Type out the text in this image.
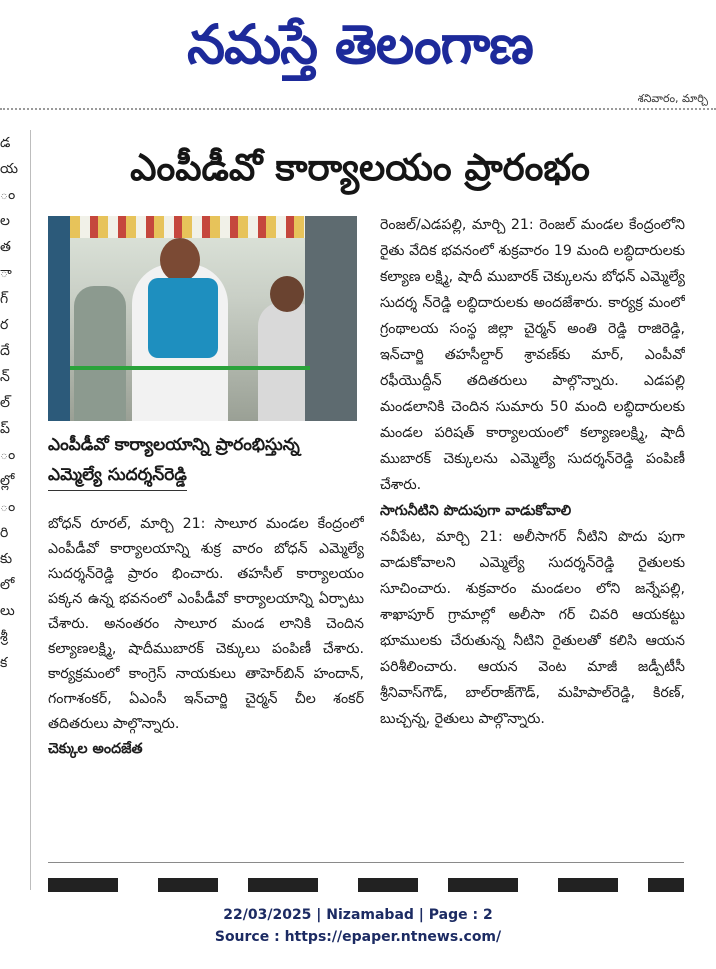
నమస్తే తెలంగాణ
శనివారం, మార్చి
డ
య
ం
ల
త
ా
గ్
ర
దే
న్
ల్
ప్
ం
ల్లో
ం
రి
కు
లో
లు
శ్రీ
క
ఎంపీడీవో కార్యాలయం ప్రారంభం
ఎంపీడీవో కార్యాలయాన్ని ప్రారంభిస్తున్న
ఎమ్మెల్యే సుదర్శన్‌రెడ్డి
బోధన్ రూరల్, మార్చి 21: సాలూర మండల కేంద్రంలో ఎంపీడీవో కార్యాలయాన్ని శుక్ర వారం బోధన్ ఎమ్మెల్యే సుదర్శన్‌రెడ్డి ప్రారం భించారు. తహసీల్ కార్యాలయం పక్కన ఉన్న భవనంలో ఎంపీడీవో కార్యాలయాన్ని ఏర్పాటు చేశారు. అనంతరం సాలూర మండ లానికి చెందిన కల్యాణలక్ష్మి, షాదీముబారక్ చెక్కులు పంపిణీ చేశారు. కార్యక్రమంలో కాంగ్రెస్ నాయకులు తాహెర్‌బిన్ హందాన్, గంగాశంకర్, ఏఎంసీ ఇన్‌చార్జి చైర్మన్ చీల శంకర్ తదితరులు పాల్గొన్నారు.
చెక్కుల అందజేత
రెంజల్/ఎడపల్లి, మార్చి 21: రెంజల్ మండల కేంద్రంలోని రైతు వేదిక భవనంలో శుక్రవారం 19 మంది లబ్ధిదారులకు కల్యాణ లక్ష్మి, షాదీ ముబారక్ చెక్కులను బోధన్ ఎమ్మెల్యే సుదర్శ న్‌రెడ్డి లబ్ధిదారులకు అందజేశారు. కార్యక్ర మంలో గ్రంథాలయ సంస్థ జిల్లా చైర్మన్ అంతి రెడ్డి రాజిరెడ్డి, ఇన్‌చార్జి తహసీల్దార్ శ్రావణ్‌కు మార్, ఎంపీవో రఫీయొద్దీన్ తదితరులు పాల్గొన్నారు. ఎడపల్లి మండలానికి చెందిన సుమారు 50 మంది లబ్ధిదారులకు మండల పరిషత్ కార్యాలయంలో కల్యాణలక్ష్మి, షాదీ ముబారక్ చెక్కులను ఎమ్మెల్యే సుదర్శన్‌రెడ్డి పంపిణీ చేశారు.
సాగునీటిని పొదుపుగా వాడుకోవాలి
నవీపేట, మార్చి 21: అలీసాగర్ నీటిని పొదు పుగా వాడుకోవాలని ఎమ్మెల్యే సుదర్శన్‌రెడ్డి రైతులకు సూచించారు. శుక్రవారం మండలం లోని జన్నేపల్లి, శాఖాపూర్ గ్రామాల్లో అలీసా గర్ చివరి ఆయకట్టు భూములకు చేరుతున్న నీటిని రైతులతో కలిసి ఆయన పరిశీలించారు. ఆయన వెంట మాజీ జడ్పీటీసీ శ్రీనివాస్‌గౌడ్, బాల్‌రాజ్‌గౌడ్, మహిపాల్‌రెడ్డి, కిరణ్, బుచ్చన్న, రైతులు పాల్గొన్నారు.
22/03/2025 | Nizamabad | Page : 2
Source : https://epaper.ntnews.com/
